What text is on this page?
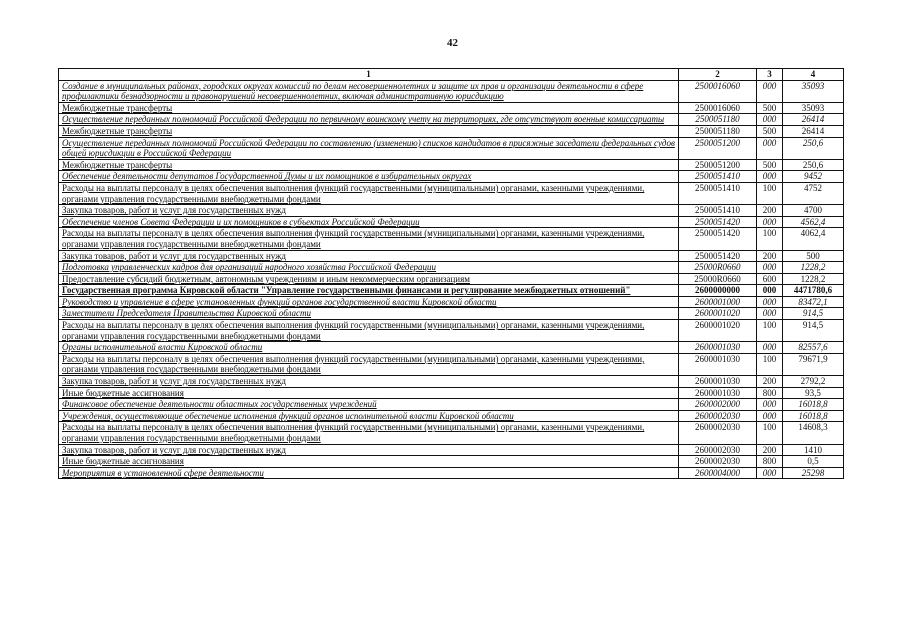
42
1	2	3	4
Создание в муниципальных районах, городских округах комиссий по делам несовершеннолетних и защите их прав и организации деятельности в сфере профилактики безнадзорности и правонарушений несовершеннолетних, включая административную юрисдикцию	2500016060	000	35093
Межбюджетные трансферты	2500016060	500	35093
Осуществление переданных полномочий Российской Федерации по первичному воинскому учету на территориях, где отсутствуют военные комиссариаты	2500051180	000	26414
Межбюджетные трансферты	2500051180	500	26414
Осуществление переданных полномочий Российской Федерации по составлению (изменению) списков кандидатов в присяжные заседатели федеральных судов общей юрисдикции в Российской Федерации	2500051200	000	250,6
Межбюджетные трансферты	2500051200	500	250,6
Обеспечение деятельности депутатов Государственной Думы и их помощников в избирательных округах	2500051410	000	9452
Расходы на выплаты персоналу в целях обеспечения выполнения функций государственными (муниципальными) органами, казенными учреждениями, органами управления государственными внебюджетными фондами	2500051410	100	4752
Закупка товаров, работ и услуг для государственных нужд	2500051410	200	4700
Обеспечение членов Совета Федерации и их помощников в субъектах Российской Федерации	2500051420	000	4562,4
Расходы на выплаты персоналу в целях обеспечения выполнения функций государственными (муниципальными) органами, казенными учреждениями, органами управления государственными внебюджетными фондами	2500051420	100	4062,4
Закупка товаров, работ и услуг для государственных нужд	2500051420	200	500
Подготовка управленческих кадров для организаций народного хозяйства Российской Федерации	25000R0660	000	1228,2
Предоставление субсидий бюджетным, автономным учреждениям и иным некоммерческим организациям	25000R0660	600	1228,2
Государственная программа Кировской области "Управление государственными финансами и регулирование межбюджетных отношений"	2600000000	000	4471780,6
Руководство и управление в сфере установленных функций органов государственной власти Кировской области	2600001000	000	83472,1
Заместители Председателя Правительства Кировской области	2600001020	000	914,5
Расходы на выплаты персоналу в целях обеспечения выполнения функций государственными (муниципальными) органами, казенными учреждениями, органами управления государственными внебюджетными фондами	2600001020	100	914,5
Органы исполнительной власти Кировской области	2600001030	000	82557,6
Расходы на выплаты персоналу в целях обеспечения выполнения функций государственными (муниципальными) органами, казенными учреждениями, органами управления государственными внебюджетными фондами	2600001030	100	79671,9
Закупка товаров, работ и услуг для государственных нужд	2600001030	200	2792,2
Иные бюджетные ассигнования	2600001030	800	93,5
Финансовое обеспечение деятельности областных государственных учреждений	2600002000	000	16018,8
Учреждения, осуществляющие обеспечение исполнения функций органов исполнительной власти Кировской области	2600002030	000	16018,8
Расходы на выплаты персоналу в целях обеспечения выполнения функций государственными (муниципальными) органами, казенными учреждениями, органами управления государственными внебюджетными фондами	2600002030	100	14608,3
Закупка товаров, работ и услуг для государственных нужд	2600002030	200	1410
Иные бюджетные ассигнования	2600002030	800	0,5
Мероприятия в установленной сфере деятельности	2600004000	000	25298
